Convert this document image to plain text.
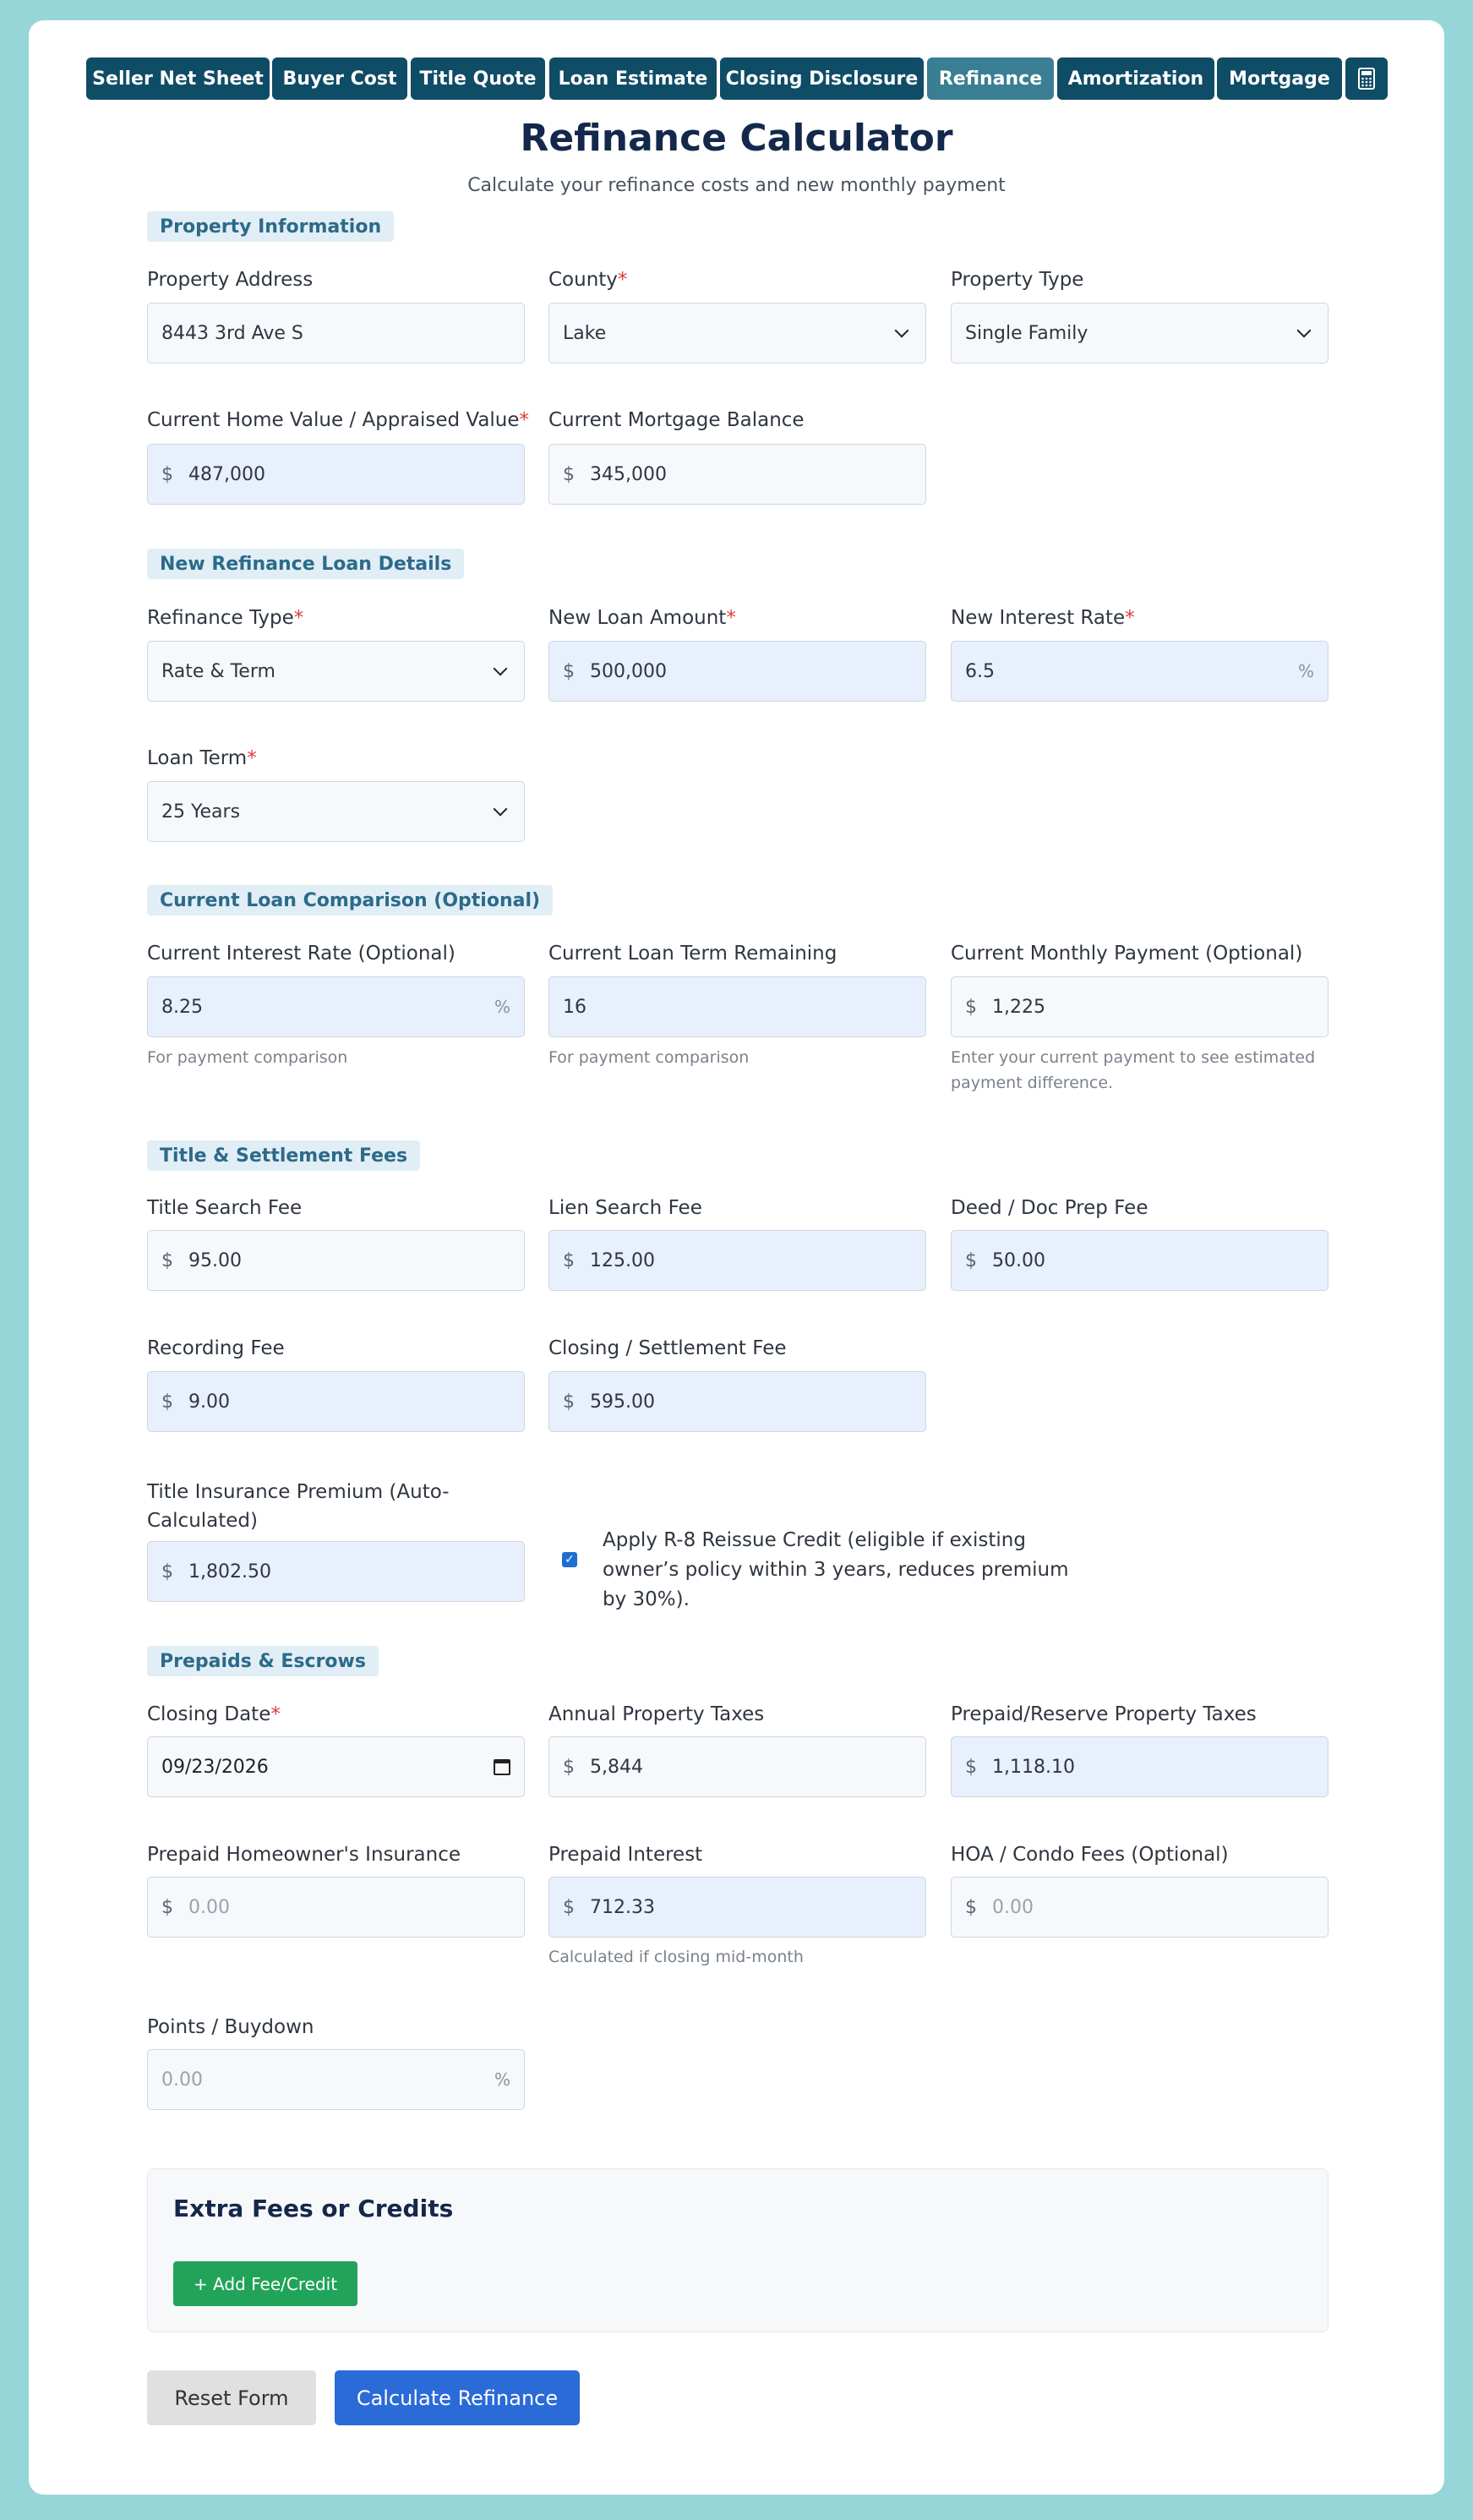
Seller Net Sheet	Buyer Cost	Title Quote	Loan Estimate Closing Disclosure	Refinance	Amortization	Mortgage
Refinance Calculator
Calculate your refinance costs and new monthly payment
Property Information
Property Address
8443 3rd Ave S
County*
Lake
Property Type
Single Family
Current Home Value / Appraised Value*
$ 487,000
Current Mortgage Balance
$ 345,000
New Refinance Loan Details
Refinance Type*
Rate & Term
New Loan Amount*
$ 500,000
New Interest Rate*
6.5	%
Loan Term*
25 Years
Current Loan Comparison (Optional)
Current Interest Rate (Optional)
8.25	%
For payment comparison
Current Loan Term Remaining
16
For payment comparison
Current Monthly Payment (Optional)
$ 1,225
Enter your current payment to see estimated
payment difference.
Title & Settlement Fees
Title Search Fee
$ 95.00
Lien Search Fee
$ 125.00
Deed / Doc Prep Fee
$ 50.00
Recording Fee
$ 9.00
Closing / Settlement Fee
$ 595.00
Title Insurance Premium (Auto-
Calculated)
$ 1,802.50
✓
Apply R-8 Reissue Credit (eligible if existing
owner’s policy within 3 years, reduces premium
by 30%).
Prepaids & Escrows
Closing Date*
09/23/2026
Annual Property Taxes
$ 5,844
Prepaid/Reserve Property Taxes
$ 1,118.10
Prepaid Homeowner's Insurance
$ 0.00
Prepaid Interest
$ 712.33
Calculated if closing mid-month
HOA / Condo Fees (Optional)
$ 0.00
Points / Buydown
0.00	%
Extra Fees or Credits
+ Add Fee/Credit
Reset Form	Calculate Refinance
